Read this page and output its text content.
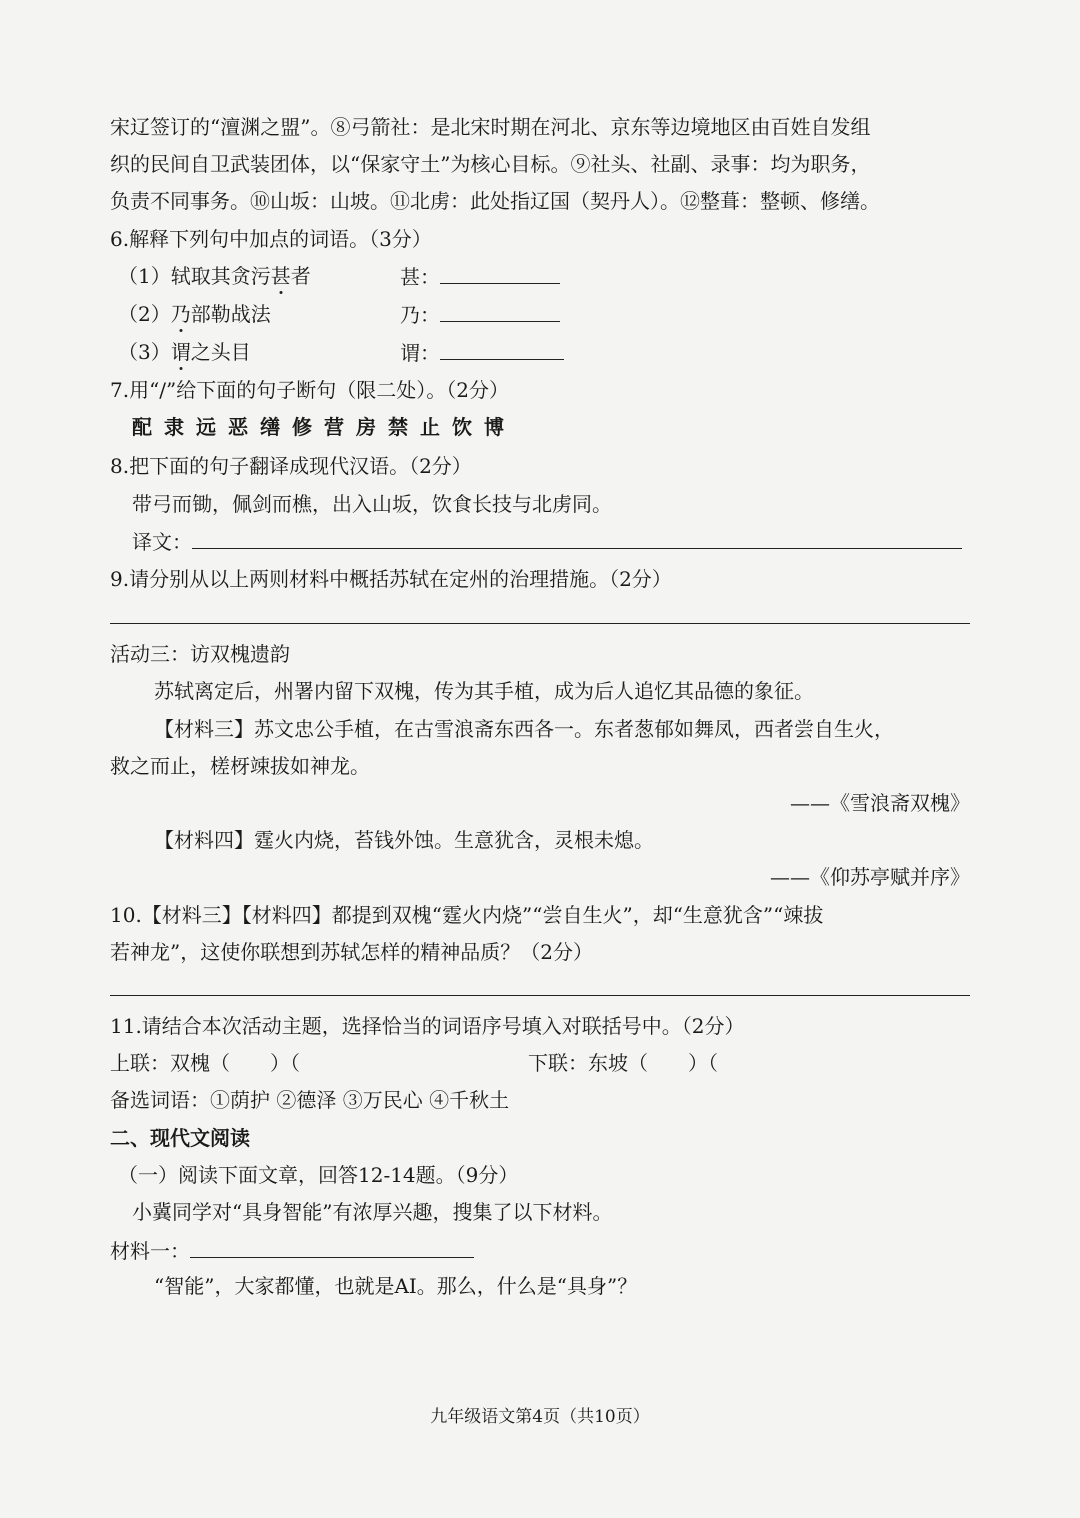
宋辽签订的“澶渊之盟”。⑧弓箭社：是北宋时期在河北、京东等边境地区由百姓自发组
织的民间自卫武装团体，以“保家守土”为核心目标。⑨社头、社副、录事：均为职务，
负责不同事务。⑩山坂：山坡。⑪北虏：此处指辽国（契丹人）。⑫整葺：整顿、修缮。
6.解释下列句中加点的词语。（3分）
（1）轼取其贪污甚者	甚：
（2）乃部勒战法	乃：
（3）谓之头目	谓：
7.用“/”给下面的句子断句（限二处）。（2分）
配隶远恶缮修营房禁止饮博
8.把下面的句子翻译成现代汉语。（2分）
带弓而锄，佩剑而樵，出入山坂，饮食长技与北虏同。
译文：
9.请分别从以上两则材料中概括苏轼在定州的治理措施。（2分）
活动三：访双槐遗韵
苏轼离定后，州署内留下双槐，传为其手植，成为后人追忆其品德的象征。
【材料三】苏文忠公手植，在古雪浪斋东西各一。东者葱郁如舞凤，西者尝自生火，
救之而止，槎枒竦拔如神龙。
——《雪浪斋双槐》
【材料四】霆火内烧，苔钱外蚀。生意犹含，灵根未熄。
——《仰苏亭赋并序》
10.【材料三】【材料四】都提到双槐“霆火内烧”“尝自生火”，却“生意犹含”“竦拔
若神龙”，这使你联想到苏轼怎样的精神品质？（2分）
11.请结合本次活动主题，选择恰当的词语序号填入对联括号中。（2分）
上联：双槐（　　）（	下联：东坡（　　）（
备选词语：①荫护 ②德泽 ③万民心 ④千秋土
二、现代文阅读
（一）阅读下面文章，回答12-14题。（9分）
小冀同学对“具身智能”有浓厚兴趣，搜集了以下材料。
材料一：
“智能”，大家都懂，也就是AI。那么，什么是“具身”？
九年级语文第4页（共10页）
